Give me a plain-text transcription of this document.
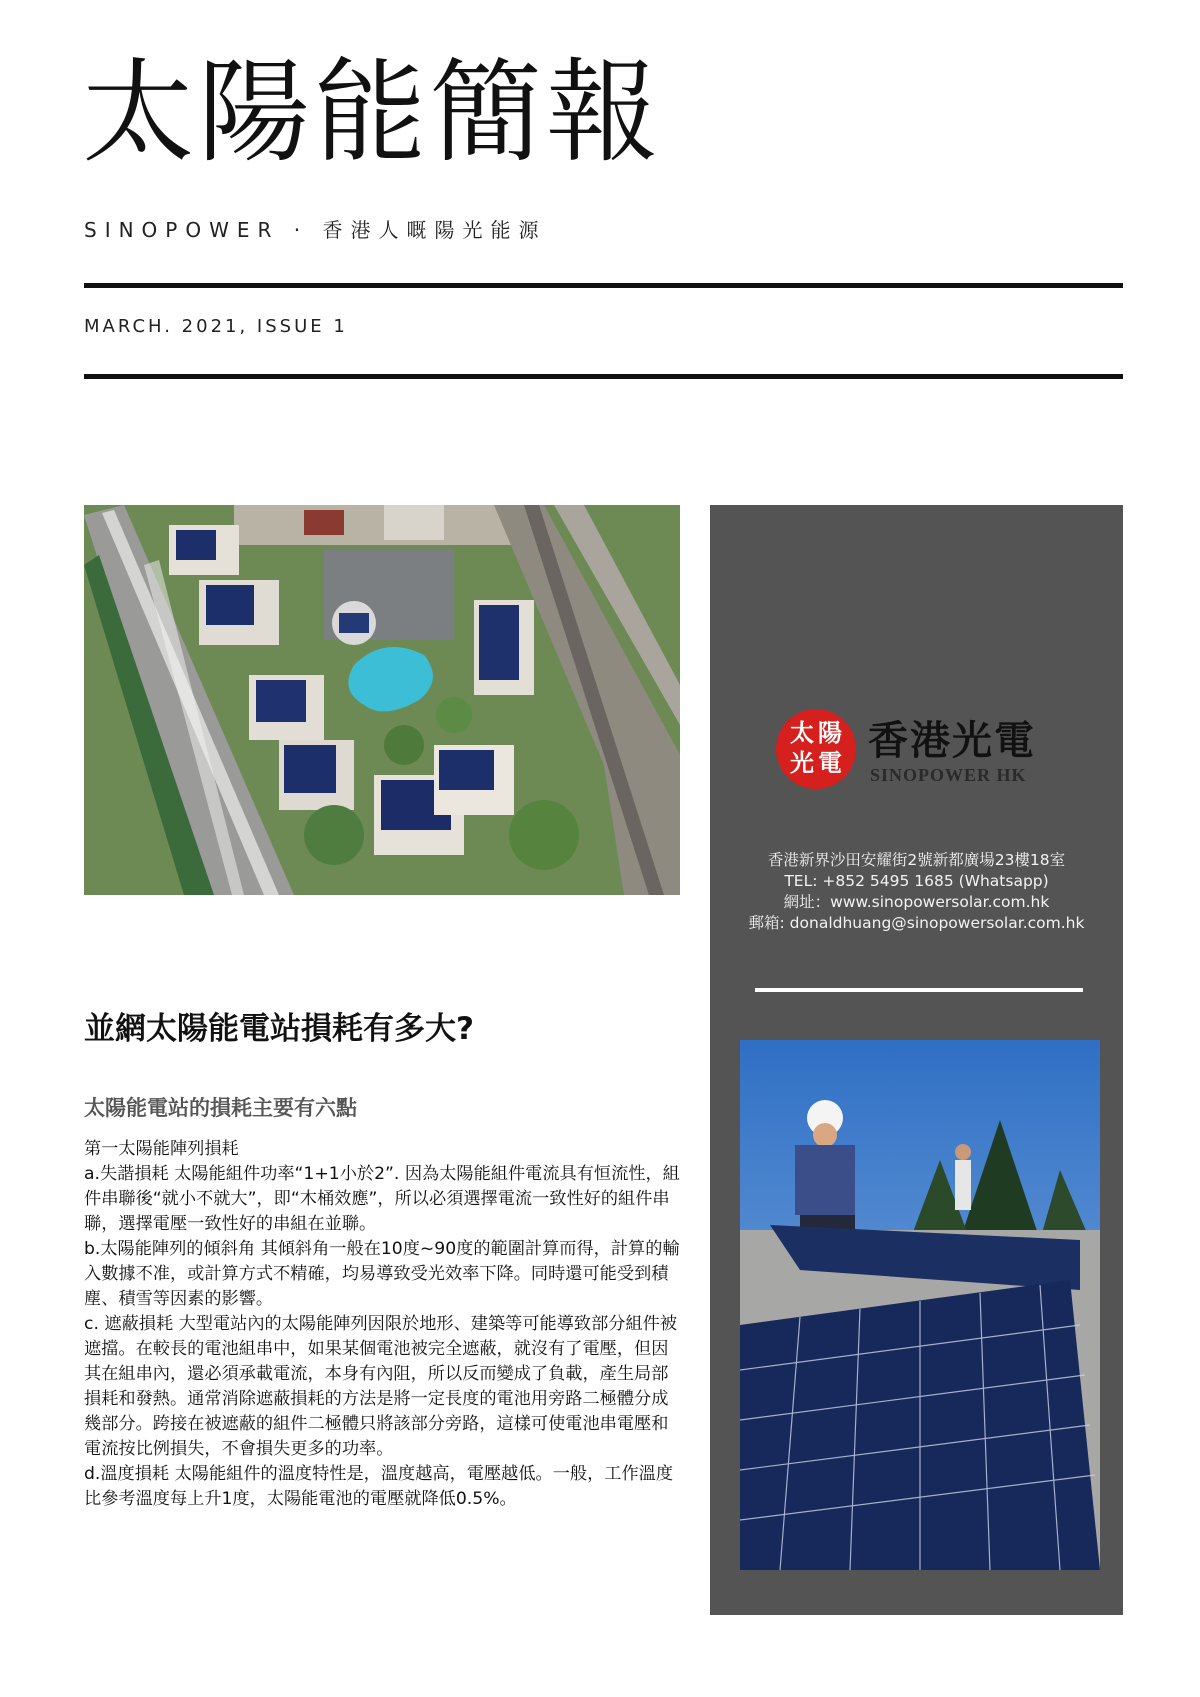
太陽能簡報
SINOPOWER · 香港人嘅陽光能源
MARCH. 2021, ISSUE 1
太 陽
光 電 香港光電
SINOPOWER HK
香港新界沙田安耀街2號新都廣場23樓18室
TEL: +852 5495 1685 (Whatsapp)
網址：www.sinopowersolar.com.hk
郵箱: donaldhuang@sinopowersolar.com.hk
並網太陽能電站損耗有多大?
太陽能電站的損耗主要有六點

第一太陽能陣列損耗

a.失諧損耗 太陽能組件功率“1+1小於2”. 因為太陽能組件電流具有恒流性，組件串聯後“就小不就大”，即“木桶效應”，所以必須選擇電流一致性好的組件串聯，選擇電壓一致性好的串組在並聯。

b.太陽能陣列的傾斜角 其傾斜角一般在10度~90度的範圍計算而得，計算的輸入數據不准，或計算方式不精確，均易導致受光效率下降。同時還可能受到積塵、積雪等因素的影響。

c. 遮蔽損耗 大型電站內的太陽能陣列因限於地形、建築等可能導致部分組件被遮擋。在較長的電池組串中，如果某個電池被完全遮蔽，就沒有了電壓，但因其在組串內，還必須承載電流，本身有內阻，所以反而變成了負載，產生局部損耗和發熱。通常消除遮蔽損耗的方法是將一定長度的電池用旁路二極體分成幾部分。跨接在被遮蔽的組件二極體只將該部分旁路，這樣可使電池串電壓和電流按比例損失，不會損失更多的功率。

d.溫度損耗 太陽能組件的溫度特性是，溫度越高，電壓越低。一般，工作溫度比參考溫度每上升1度，太陽能電池的電壓就降低0.5%。
